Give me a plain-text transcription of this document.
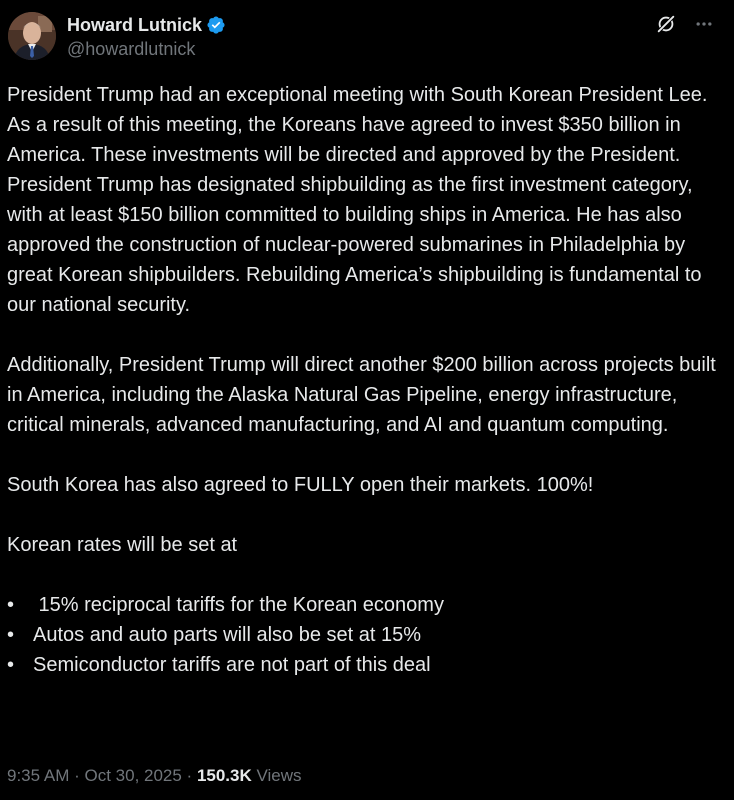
Howard Lutnick
@howardlutnick

President Trump had an exceptional meeting with South Korean President Lee. As a result of this meeting, the Koreans have agreed to invest $350 billion in America. These investments will be directed and approved by the President. President Trump has designated shipbuilding as the first investment category, with at least $150 billion committed to building ships in America. He has also approved the construction of nuclear-powered submarines in Philadelphia by great Korean shipbuilders. Rebuilding America’s shipbuilding is fundamental to our national security.

Additionally, President Trump will direct another $200 billion across projects built in America, including the Alaska Natural Gas Pipeline, energy infrastructure, critical minerals, advanced manufacturing, and AI and quantum computing.

South Korea has also agreed to FULLY open their markets. 100%!

Korean rates will be set at

• 15% reciprocal tariffs for the Korean economy
• Autos and auto parts will also be set at 15%
• Semiconductor tariffs are not part of this deal
9:35 AM · Oct 30, 2025 · 150.3K Views
